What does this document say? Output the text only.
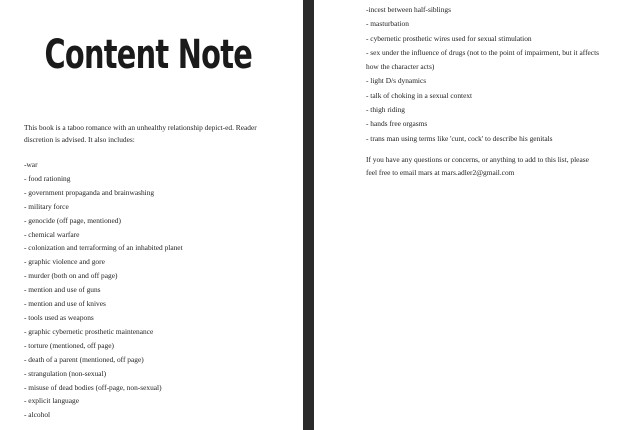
Content Note
This book is a taboo romance with an unhealthy relationship depict-ed. Reader discretion is advised. It also includes:
-war
- food rationing
- government propaganda and brainwashing
- military force
- genocide (off page, mentioned)
- chemical warfare
- colonization and terraforming of an inhabited planet
- graphic violence and gore
- murder (both on and off page)
- mention and use of guns
- mention and use of knives
- tools used as weapons
- graphic cybernetic prosthetic maintenance
- torture (mentioned, off page)
- death of a parent (mentioned, off page)
- strangulation (non-sexual)
- misuse of dead bodies (off-page, non-sexual)
- explicit language
- alcohol
-incest between half-siblings
- masturbation
- cybernetic prosthetic wires used for sexual stimulation
- sex under the influence of drugs (not to the point of impairment, but it affects how the character acts)
- light D/s dynamics
- talk of choking in a sexual context
- thigh riding
- hands free orgasms
- trans man using terms like 'cunt, cock' to describe his genitals
If you have any questions or concerns, or anything to add to this list, please feel free to email mars at mars.adler2@gmail.com
